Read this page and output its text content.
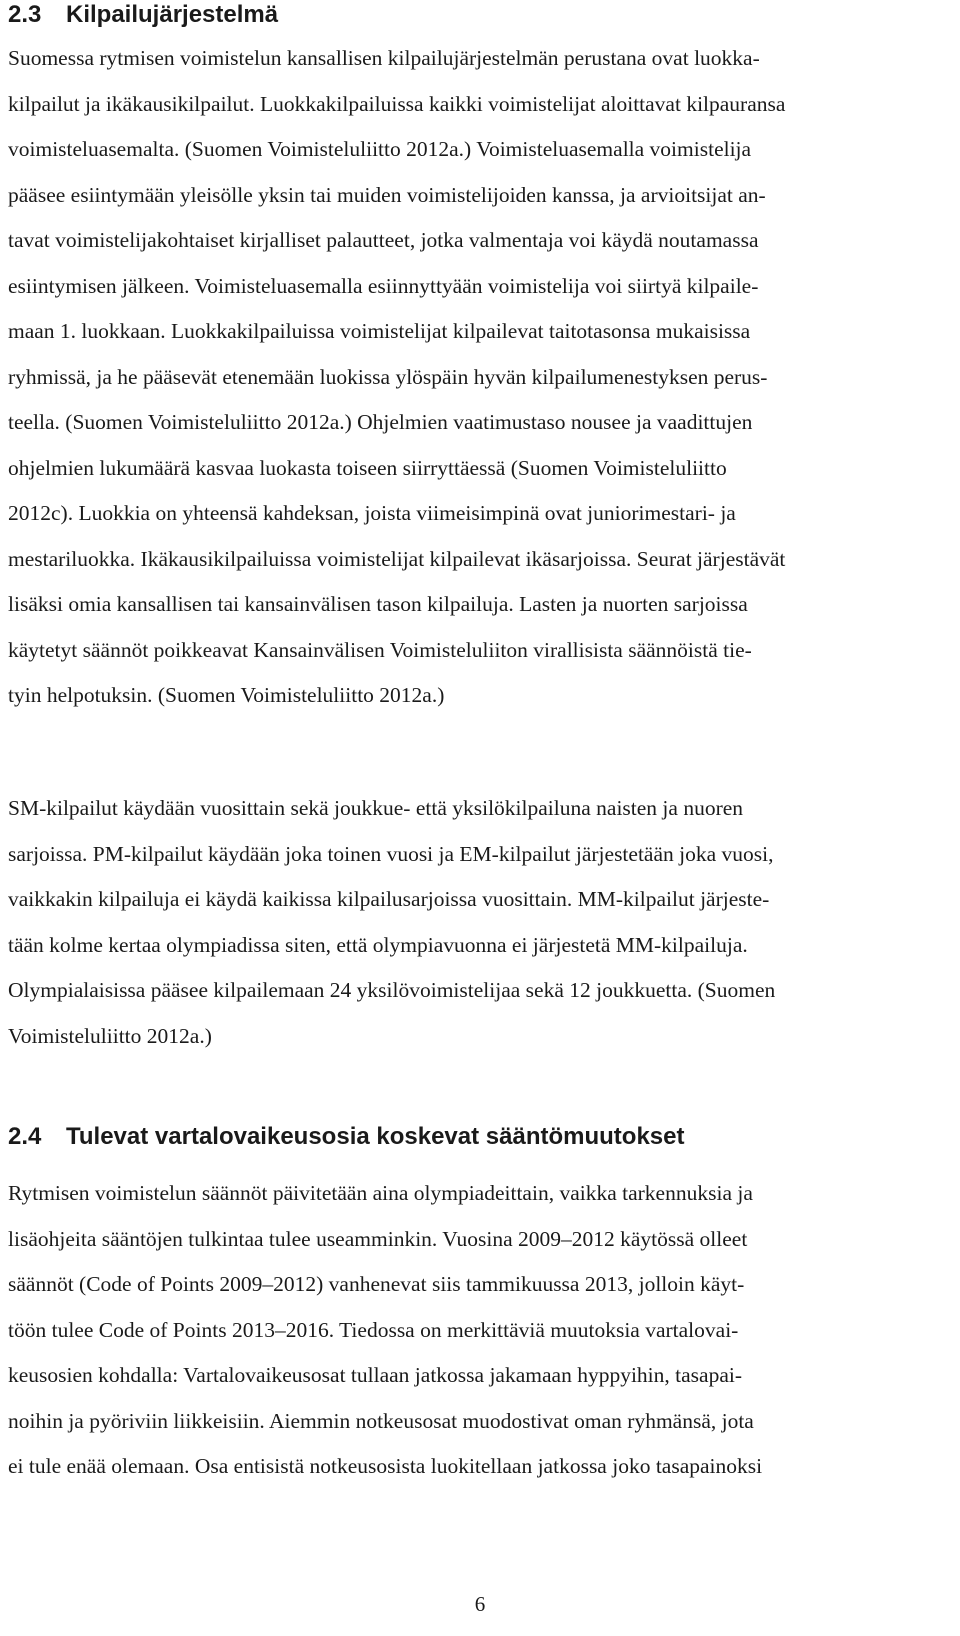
2.3 Kilpailujärjestelmä
Suomessa rytmisen voimistelun kansallisen kilpailujärjestelmän perustana ovat luokka-
kilpailut ja ikäkausikilpailut. Luokkakilpailuissa kaikki voimistelijat aloittavat kilpauransa
voimisteluasemalta. (Suomen Voimisteluliitto 2012a.) Voimisteluasemalla voimistelija
pääsee esiintymään yleisölle yksin tai muiden voimistelijoiden kanssa, ja arvioitsijat an-
tavat voimistelijakohtaiset kirjalliset palautteet, jotka valmentaja voi käydä noutamassa
esiintymisen jälkeen. Voimisteluasemalla esiinnyttyään voimistelija voi siirtyä kilpaile-
maan 1. luokkaan. Luokkakilpailuissa voimistelijat kilpailevat taitotasonsa mukaisissa
ryhmissä, ja he pääsevät etenemään luokissa ylöspäin hyvän kilpailumenestyksen perus-
teella. (Suomen Voimisteluliitto 2012a.) Ohjelmien vaatimustaso nousee ja vaadittujen
ohjelmien lukumäärä kasvaa luokasta toiseen siirryttäessä (Suomen Voimisteluliitto
2012c). Luokkia on yhteensä kahdeksan, joista viimeisimpinä ovat juniorimestari- ja
mestariluokka. Ikäkausikilpailuissa voimistelijat kilpailevat ikäsarjoissa. Seurat järjestävät
lisäksi omia kansallisen tai kansainvälisen tason kilpailuja. Lasten ja nuorten sarjoissa
käytetyt säännöt poikkeavat Kansainvälisen Voimisteluliiton virallisista säännöistä tie-
tyin helpotuksin. (Suomen Voimisteluliitto 2012a.)
SM-kilpailut käydään vuosittain sekä joukkue- että yksilökilpailuna naisten ja nuoren
sarjoissa. PM-kilpailut käydään joka toinen vuosi ja EM-kilpailut järjestetään joka vuosi,
vaikkakin kilpailuja ei käydä kaikissa kilpailusarjoissa vuosittain. MM-kilpailut järjeste-
tään kolme kertaa olympiadissa siten, että olympiavuonna ei järjestetä MM-kilpailuja.
Olympialaisissa pääsee kilpailemaan 24 yksilövoimistelijaa sekä 12 joukkuetta. (Suomen
Voimisteluliitto 2012a.)
2.4 Tulevat vartalovaikeusosia koskevat sääntömuutokset
Rytmisen voimistelun säännöt päivitetään aina olympiadeittain, vaikka tarkennuksia ja
lisäohjeita sääntöjen tulkintaa tulee useamminkin. Vuosina 2009–2012 käytössä olleet
säännöt (Code of Points 2009–2012) vanhenevat siis tammikuussa 2013, jolloin käyt-
töön tulee Code of Points 2013–2016. Tiedossa on merkittäviä muutoksia vartalovai-
keusosien kohdalla: Vartalovaikeusosat tullaan jatkossa jakamaan hyppyihin, tasapai-
noihin ja pyöriviin liikkeisiin. Aiemmin notkeusosat muodostivat oman ryhmänsä, jota
ei tule enää olemaan. Osa entisistä notkeusosista luokitellaan jatkossa joko tasapainoksi
6
